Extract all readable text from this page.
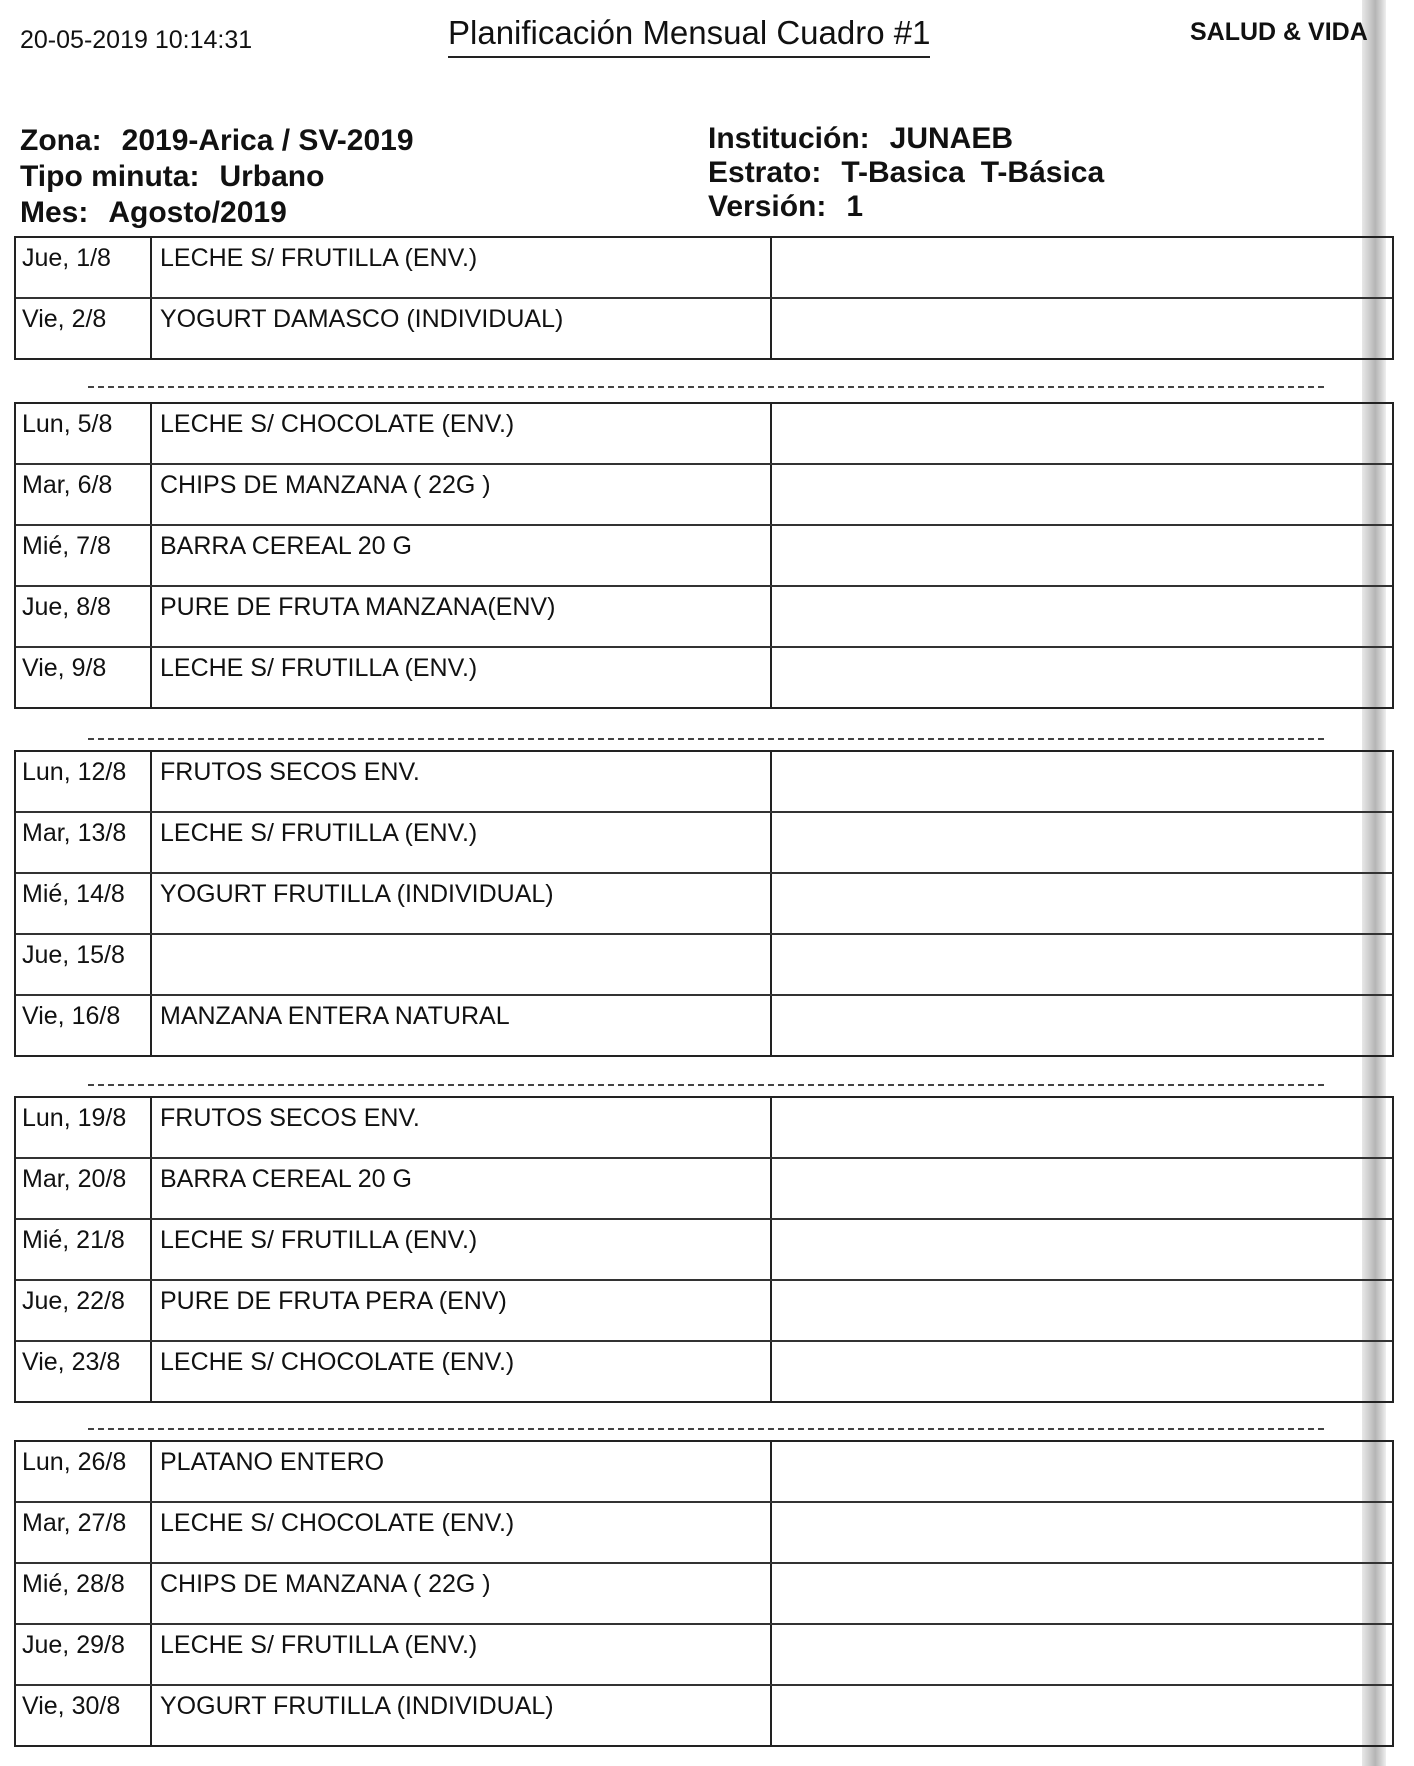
20-05-2019 10:14:31	Planificación Mensual Cuadro #1	SALUD & VIDA
Zona: 2019-Arica / SV-2019
Tipo minuta: Urbano
Mes: Agosto/2019
Institución: JUNAEB
Estrato: T-Basica T-Básica
Versión: 1
Jue, 1/8	LECHE S/ FRUTILLA (ENV.)
Vie, 2/8	YOGURT DAMASCO (INDIVIDUAL)
Lun, 5/8	LECHE S/ CHOCOLATE (ENV.)
Mar, 6/8	CHIPS DE MANZANA ( 22G )
Mié, 7/8	BARRA CEREAL 20 G
Jue, 8/8	PURE DE FRUTA MANZANA(ENV)
Vie, 9/8	LECHE S/ FRUTILLA (ENV.)
Lun, 12/8	FRUTOS SECOS ENV.
Mar, 13/8	LECHE S/ FRUTILLA (ENV.)
Mié, 14/8	YOGURT FRUTILLA (INDIVIDUAL)
Jue, 15/8
Vie, 16/8	MANZANA ENTERA NATURAL
Lun, 19/8	FRUTOS SECOS ENV.
Mar, 20/8	BARRA CEREAL 20 G
Mié, 21/8	LECHE S/ FRUTILLA (ENV.)
Jue, 22/8	PURE DE FRUTA PERA (ENV)
Vie, 23/8	LECHE S/ CHOCOLATE (ENV.)
Lun, 26/8	PLATANO ENTERO
Mar, 27/8	LECHE S/ CHOCOLATE (ENV.)
Mié, 28/8	CHIPS DE MANZANA ( 22G )
Jue, 29/8	LECHE S/ FRUTILLA (ENV.)
Vie, 30/8	YOGURT FRUTILLA (INDIVIDUAL)
